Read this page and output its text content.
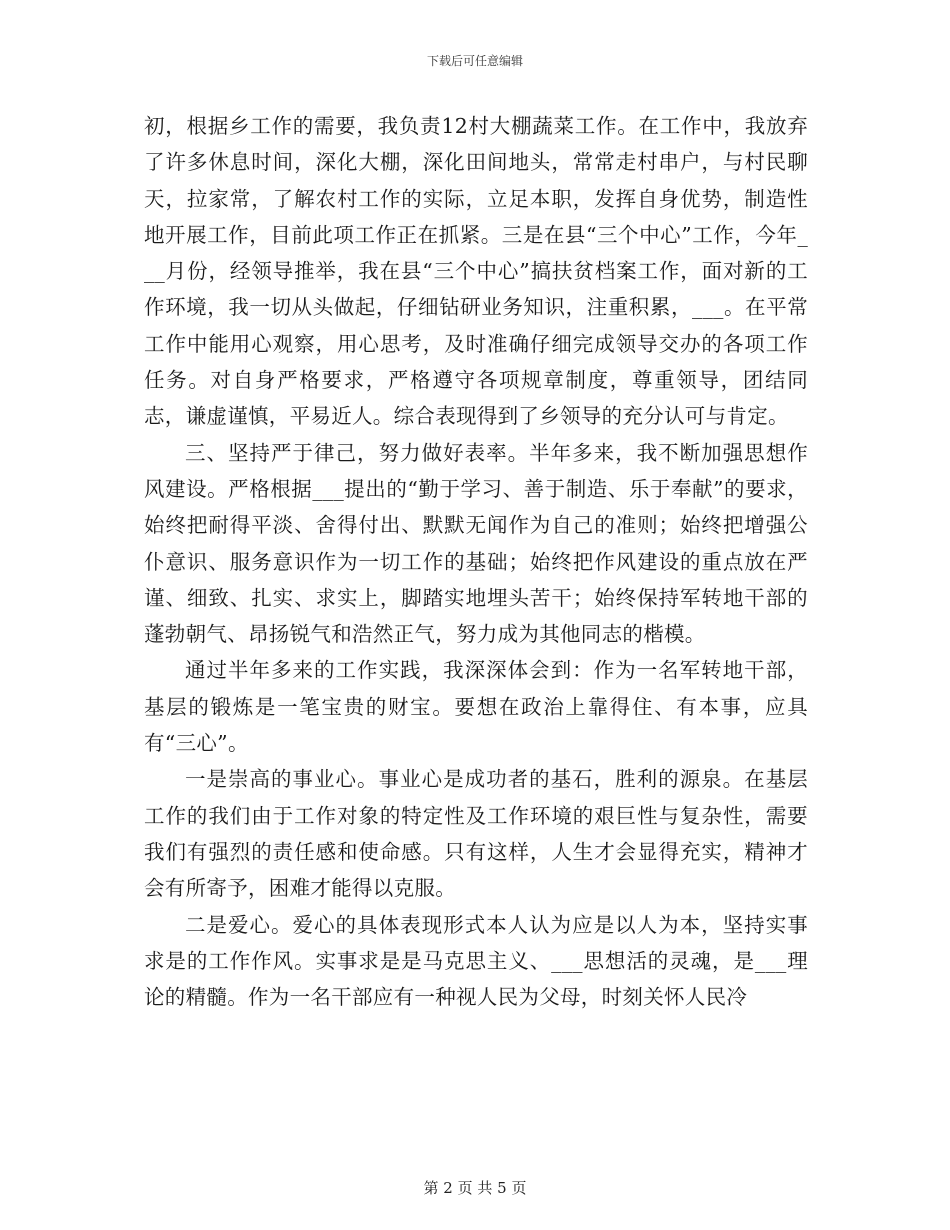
下载后可任意编辑

初，根据乡工作的需要，我负责12村大棚蔬菜工作。在工作中，我放弃了许多休息时间，深化大棚，深化田间地头，常常走村串户，与村民聊天，拉家常，了解农村工作的实际，立足本职，发挥自身优势，制造性地开展工作，目前此项工作正在抓紧。三是在县“三个中心”工作，今年___月份，经领导推举，我在县“三个中心”搞扶贫档案工作，面对新的工作环境，我一切从头做起，仔细钻研业务知识，注重积累，___。在平常工作中能用心观察，用心思考，及时准确仔细完成领导交办的各项工作任务。对自身严格要求，严格遵守各项规章制度，尊重领导，团结同志，谦虚谨慎，平易近人。综合表现得到了乡领导的充分认可与肯定。

三、坚持严于律己，努力做好表率。半年多来，我不断加强思想作风建设。严格根据___提出的“勤于学习、善于制造、乐于奉献”的要求，始终把耐得平淡、舍得付出、默默无闻作为自己的准则；始终把增强公仆意识、服务意识作为一切工作的基础；始终把作风建设的重点放在严谨、细致、扎实、求实上，脚踏实地埋头苦干；始终保持军转地干部的蓬勃朝气、昂扬锐气和浩然正气，努力成为其他同志的楷模。

通过半年多来的工作实践，我深深体会到：作为一名军转地干部，基层的锻炼是一笔宝贵的财宝。要想在政治上靠得住、有本事，应具有“三心”。

一是崇高的事业心。事业心是成功者的基石，胜利的源泉。在基层工作的我们由于工作对象的特定性及工作环境的艰巨性与复杂性，需要我们有强烈的责任感和使命感。只有这样，人生才会显得充实，精神才会有所寄予，困难才能得以克服。

二是爱心。爱心的具体表现形式本人认为应是以人为本，坚持实事求是的工作作风。实事求是是马克思主义、___思想活的灵魂，是___理论的精髓。作为一名干部应有一种视人民为父母，时刻关怀人民冷

第 2 页 共 5 页
